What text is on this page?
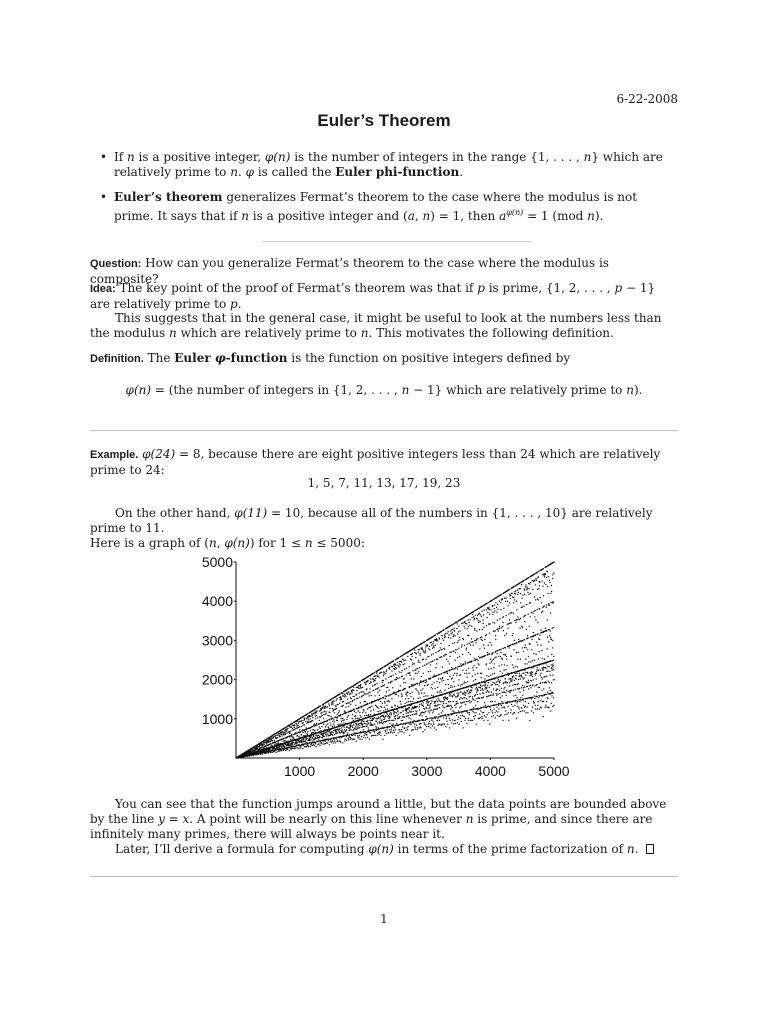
6-22-2008
Euler’s Theorem
• If n is a positive integer, φ(n) is the number of integers in the range {1, . . . , n} which are relatively prime to n. φ is called the Euler phi-function.
• Euler’s theorem generalizes Fermat’s theorem to the case where the modulus is not prime. It says that if n is a positive integer and (a, n) = 1, then $a^{\varphi(n)} = 1$ (mod n).

Question: How can you generalize Fermat’s theorem to the case where the modulus is composite?

Idea: The key point of the proof of Fermat’s theorem was that if p is prime, {1, 2, . . . , p − 1} are relatively prime to p.

This suggests that in the general case, it might be useful to look at the numbers less than the modulus n which are relatively prime to n. This motivates the following definition.

Definition. The Euler φ-function is the function on positive integers defined by

φ(n) = (the number of integers in {1, 2, . . . , n − 1} which are relatively prime to n).

Example. φ(24) = 8, because there are eight positive integers less than 24 which are relatively prime to 24:

1, 5, 7, 11, 13, 17, 19, 23

On the other hand, φ(11) = 10, because all of the numbers in {1, . . . , 10} are relatively prime to 11.
Here is a graph of (n, φ(n)) for 1 ≤ n ≤ 5000:

1000
2000
3000
4000
5000
1000 2000 3000 4000 5000

You can see that the function jumps around a little, but the data points are bounded above by the line y = x. A point will be nearly on this line whenever n is prime, and since there are infinitely many primes, there will always be points near it.

Later, I’ll derive a formula for computing φ(n) in terms of the prime factorization of n.

1
